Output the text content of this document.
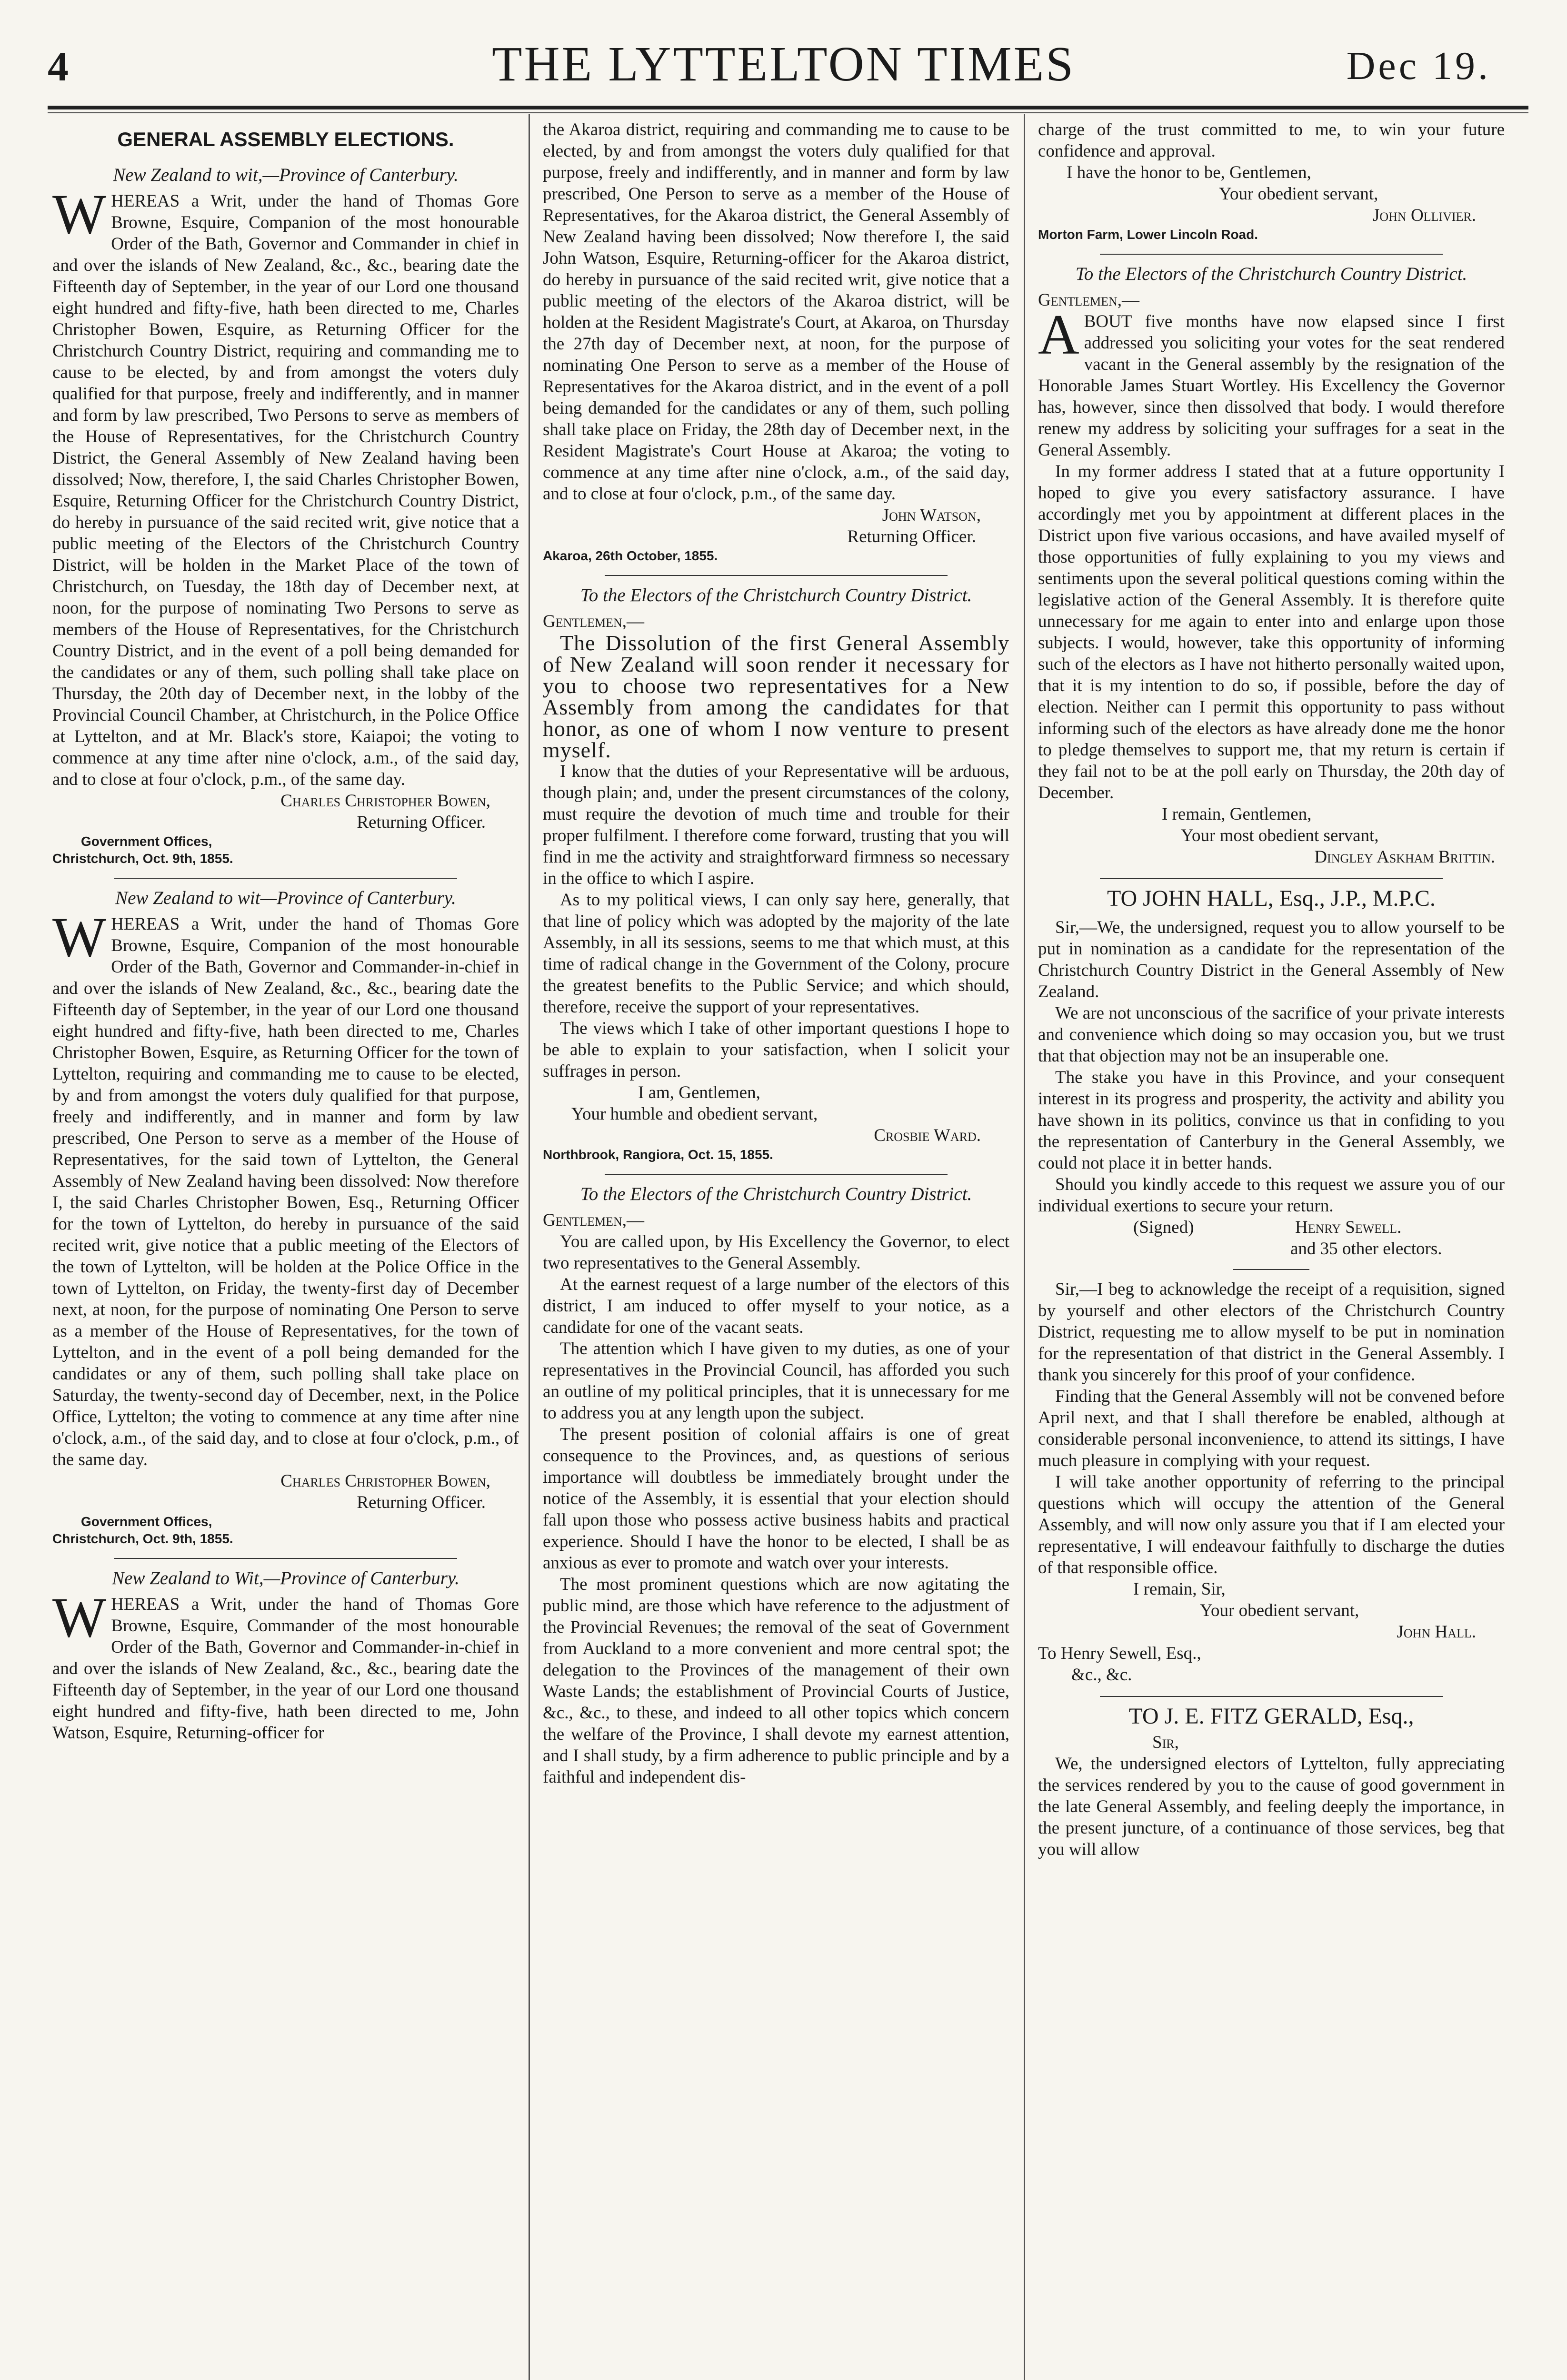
4	THE LYTTELTON TIMES	Dec 19.
GENERAL ASSEMBLY ELECTIONS.
New Zealand to wit,—Province of Canterbury.

WHEREAS a Writ, under the hand of Thomas Gore Browne, Esquire, Companion of the most honourable Order of the Bath, Governor and Commander in chief in and over the islands of New Zealand, &c., &c., bearing date the Fifteenth day of September, in the year of our Lord one thousand eight hundred and fifty-five, hath been directed to me, Charles Christopher Bowen, Esquire, as Returning Officer for the Christchurch Country District, requiring and commanding me to cause to be elected, by and from amongst the voters duly qualified for that purpose, freely and indifferently, and in manner and form by law prescribed, Two Persons to serve as members of the House of Representatives, for the Christchurch Country District, the General Assembly of New Zealand having been dissolved; Now, therefore, I, the said Charles Christopher Bowen, Esquire, Returning Officer for the Christchurch Country District, do hereby in pursuance of the said recited writ, give notice that a public meeting of the Electors of the Christchurch Country District, will be holden in the Market Place of the town of Christchurch, on Tuesday, the 18th day of December next, at noon, for the purpose of nominating Two Persons to serve as members of the House of Representatives, for the Christchurch Country District, and in the event of a poll being demanded for the candidates or any of them, such polling shall take place on Thursday, the 20th day of December next, in the lobby of the Provincial Council Chamber, at Christchurch, in the Police Office at Lyttelton, and at Mr. Black's store, Kaiapoi; the voting to commence at any time after nine o'clock, a.m., of the said day, and to close at four o'clock, p.m., of the same day.

Charles Christopher Bowen,
Returning Officer.
Government Offices,
Christchurch, Oct. 9th, 1855.
New Zealand to wit—Province of Canterbury.

WHEREAS a Writ, under the hand of Thomas Gore Browne, Esquire, Companion of the most honourable Order of the Bath, Governor and Commander-in-chief in and over the islands of New Zealand, &c., &c., bearing date the Fifteenth day of September, in the year of our Lord one thousand eight hundred and fifty-five, hath been directed to me, Charles Christopher Bowen, Esquire, as Returning Officer for the town of Lyttelton, requiring and commanding me to cause to be elected, by and from amongst the voters duly qualified for that purpose, freely and indifferently, and in manner and form by law prescribed, One Person to serve as a member of the House of Representatives, for the said town of Lyttelton, the General Assembly of New Zealand having been dissolved: Now therefore I, the said Charles Christopher Bowen, Esq., Returning Officer for the town of Lyttelton, do hereby in pursuance of the said recited writ, give notice that a public meeting of the Electors of the town of Lyttelton, will be holden at the Police Office in the town of Lyttelton, on Friday, the twenty-first day of December next, at noon, for the purpose of nominating One Person to serve as a member of the House of Representatives, for the town of Lyttelton, and in the event of a poll being demanded for the candidates or any of them, such polling shall take place on Saturday, the twenty-second day of December, next, in the Police Office, Lyttelton; the voting to commence at any time after nine o'clock, a.m., of the said day, and to close at four o'clock, p.m., of the same day.

Charles Christopher Bowen,
Returning Officer.
Government Offices,
Christchurch, Oct. 9th, 1855.
New Zealand to Wit,—Province of Canterbury.

WHEREAS a Writ, under the hand of Thomas Gore Browne, Esquire, Commander of the most honourable Order of the Bath, Governor and Commander-in-chief in and over the islands of New Zealand, &c., &c., bearing date the Fifteenth day of September, in the year of our Lord one thousand eight hundred and fifty-five, hath been directed to me, John Watson, Esquire, Returning-officer for

the Akaroa district, requiring and commanding me to cause to be elected, by and from amongst the voters duly qualified for that purpose, freely and indifferently, and in manner and form by law prescribed, One Person to serve as a member of the House of Representatives, for the Akaroa district, the General Assembly of New Zealand having been dissolved; Now therefore I, the said John Watson, Esquire, Returning-officer for the Akaroa district, do hereby in pursuance of the said recited writ, give notice that a public meeting of the electors of the Akaroa district, will be holden at the Resident Magistrate's Court, at Akaroa, on Thursday the 27th day of December next, at noon, for the purpose of nominating One Person to serve as a member of the House of Representatives for the Akaroa district, and in the event of a poll being demanded for the candidates or any of them, such polling shall take place on Friday, the 28th day of December next, in the Resident Magistrate's Court House at Akaroa; the voting to commence at any time after nine o'clock, a.m., of the said day, and to close at four o'clock, p.m., of the same day.

John Watson,
Returning Officer.
Akaroa, 26th October, 1855.
To the Electors of the Christchurch Country District.

Gentlemen,—

The Dissolution of the first General Assembly of New Zealand will soon render it necessary for you to choose two representatives for a New Assembly from among the candidates for that honor, as one of whom I now venture to present myself.

I know that the duties of your Representative will be arduous, though plain; and, under the present circumstances of the colony, must require the devotion of much time and trouble for their proper fulfilment. I therefore come forward, trusting that you will find in me the activity and straightforward firmness so necessary in the office to which I aspire.

As to my political views, I can only say here, generally, that that line of policy which was adopted by the majority of the late Assembly, in all its sessions, seems to me that which must, at this time of radical change in the Government of the Colony, procure the greatest benefits to the Public Service; and which should, therefore, receive the support of your representatives.

The views which I take of other important questions I hope to be able to explain to your satisfaction, when I solicit your suffrages in person.

I am, Gentlemen,
Your humble and obedient servant,
Crosbie Ward.
Northbrook, Rangiora, Oct. 15, 1855.
To the Electors of the Christchurch Country District.

Gentlemen,—

You are called upon, by His Excellency the Governor, to elect two representatives to the General Assembly.

At the earnest request of a large number of the electors of this district, I am induced to offer myself to your notice, as a candidate for one of the vacant seats.

The attention which I have given to my duties, as one of your representatives in the Provincial Council, has afforded you such an outline of my political principles, that it is unnecessary for me to address you at any length upon the subject.

The present position of colonial affairs is one of great consequence to the Provinces, and, as questions of serious importance will doubtless be immediately brought under the notice of the Assembly, it is essential that your election should fall upon those who possess active business habits and practical experience. Should I have the honor to be elected, I shall be as anxious as ever to promote and watch over your interests.

The most prominent questions which are now agitating the public mind, are those which have reference to the adjustment of the Provincial Revenues; the removal of the seat of Government from Auckland to a more convenient and more central spot; the delegation to the Provinces of the management of their own Waste Lands; the establishment of Provincial Courts of Justice, &c., &c., to these, and indeed to all other topics which concern the welfare of the Province, I shall devote my earnest attention, and I shall study, by a firm adherence to public principle and by a faithful and independent dis-

charge of the trust committed to me, to win your future confidence and approval.

I have the honor to be, Gentlemen,
Your obedient servant,
John Ollivier.
Morton Farm, Lower Lincoln Road.
To the Electors of the Christchurch Country District.

Gentlemen,—

ABOUT five months have now elapsed since I first addressed you soliciting your votes for the seat rendered vacant in the General assembly by the resignation of the Honorable James Stuart Wortley. His Excellency the Governor has, however, since then dissolved that body. I would therefore renew my address by soliciting your suffrages for a seat in the General Assembly.

In my former address I stated that at a future opportunity I hoped to give you every satisfactory assurance. I have accordingly met you by appointment at different places in the District upon five various occasions, and have availed myself of those opportunities of fully explaining to you my views and sentiments upon the several political questions coming within the legislative action of the General Assembly. It is therefore quite unnecessary for me again to enter into and enlarge upon those subjects. I would, however, take this opportunity of informing such of the electors as I have not hitherto personally waited upon, that it is my intention to do so, if possible, before the day of election. Neither can I permit this opportunity to pass without informing such of the electors as have already done me the honor to pledge themselves to support me, that my return is certain if they fail not to be at the poll early on Thursday, the 20th day of December.

I remain, Gentlemen,
Your most obedient servant,
Dingley Askham Brittin.
TO JOHN HALL, Esq., J.P., M.P.C.

Sir,—We, the undersigned, request you to allow yourself to be put in nomination as a candidate for the representation of the Christchurch Country District in the General Assembly of New Zealand.

We are not unconscious of the sacrifice of your private interests and convenience which doing so may occasion you, but we trust that that objection may not be an insuperable one.

The stake you have in this Province, and your consequent interest in its progress and prosperity, the activity and ability you have shown in its politics, convince us that in confiding to you the representation of Canterbury in the General Assembly, we could not place it in better hands.

Should you kindly accede to this request we assure you of our individual exertions to secure your return.

(Signed)	Henry Sewell.
and 35 other electors.

Sir,—I beg to acknowledge the receipt of a requisition, signed by yourself and other electors of the Christchurch Country District, requesting me to allow myself to be put in nomination for the representation of that district in the General Assembly. I thank you sincerely for this proof of your confidence.

Finding that the General Assembly will not be convened before April next, and that I shall therefore be enabled, although at considerable personal inconvenience, to attend its sittings, I have much pleasure in complying with your request.

I will take another opportunity of referring to the principal questions which will occupy the attention of the General Assembly, and will now only assure you that if I am elected your representative, I will endeavour faithfully to discharge the duties of that responsible office.

I remain, Sir,
Your obedient servant,
John Hall.
To Henry Sewell, Esq.,
&c., &c.
TO J. E. FITZ GERALD, Esq.,
Sir,

We, the undersigned electors of Lyttelton, fully appreciating the services rendered by you to the cause of good government in the late General Assembly, and feeling deeply the importance, in the present juncture, of a continuance of those services, beg that you will allow
